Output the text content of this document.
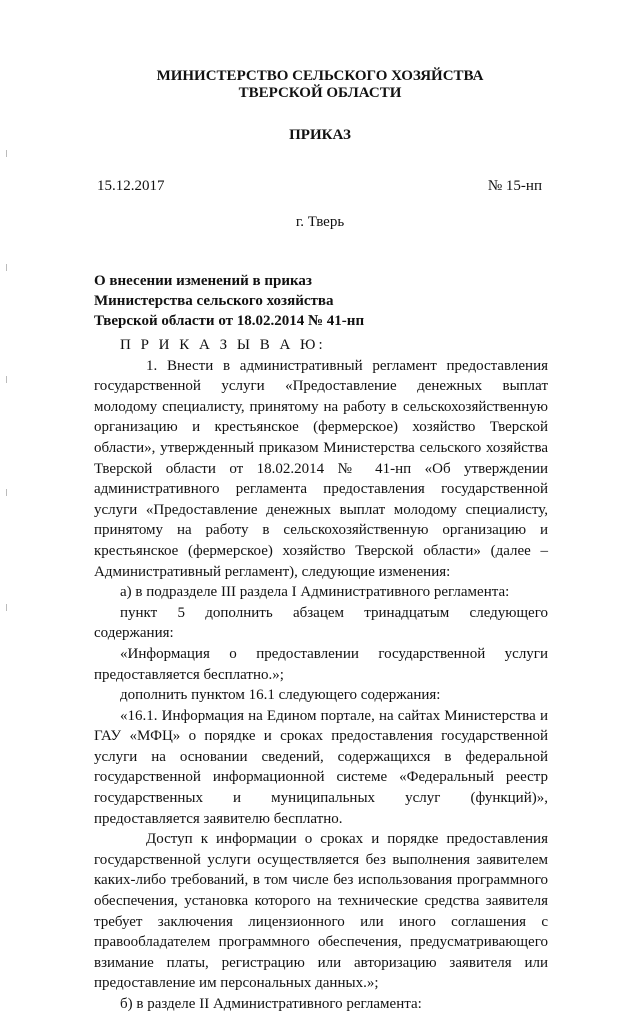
МИНИСТЕРСТВО СЕЛЬСКОГО ХОЗЯЙСТВА
ТВЕРСКОЙ ОБЛАСТИ
ПРИКАЗ
15.12.2017	№ 15-нп
г. Тверь
О внесении изменений в приказ
Министерства сельского хозяйства
Тверской области от 18.02.2014 № 41-нп

П Р И К А З Ы В А Ю:

1. Внести в административный регламент предоставления государственной услуги «Предоставление денежных выплат молодому специалисту, принятому на работу в сельскохозяйственную организацию и крестьянское (фермерское) хозяйство Тверской области», утвержденный приказом Министерства сельского хозяйства Тверской области от 18.02.2014 № 41-нп «Об утверждении административного регламента предоставления государственной услуги «Предоставление денежных выплат молодому специалисту, принятому на работу в сельскохозяйственную организацию и крестьянское (фермерское) хозяйство Тверской области» (далее – Административный регламент), следующие изменения:

а) в подразделе III раздела I Административного регламента:

пункт 5 дополнить абзацем тринадцатым следующего содержания:

«Информация о предоставлении государственной услуги предоставляется бесплатно.»;

дополнить пунктом 16.1 следующего содержания:

«16.1. Информация на Едином портале, на сайтах Министерства и ГАУ «МФЦ» о порядке и сроках предоставления государственной услуги на основании сведений, содержащихся в федеральной государственной информационной системе «Федеральный реестр государственных и муниципальных услуг (функций)», предоставляется заявителю бесплатно.

Доступ к информации о сроках и порядке предоставления государственной услуги осуществляется без выполнения заявителем каких-либо требований, в том числе без использования программного обеспечения, установка которого на технические средства заявителя требует заключения лицензионного или иного соглашения с правообладателем программного обеспечения, предусматривающего взимание платы, регистрацию или авторизацию заявителя или предоставление им персональных данных.»;

б) в разделе II Административного регламента:
